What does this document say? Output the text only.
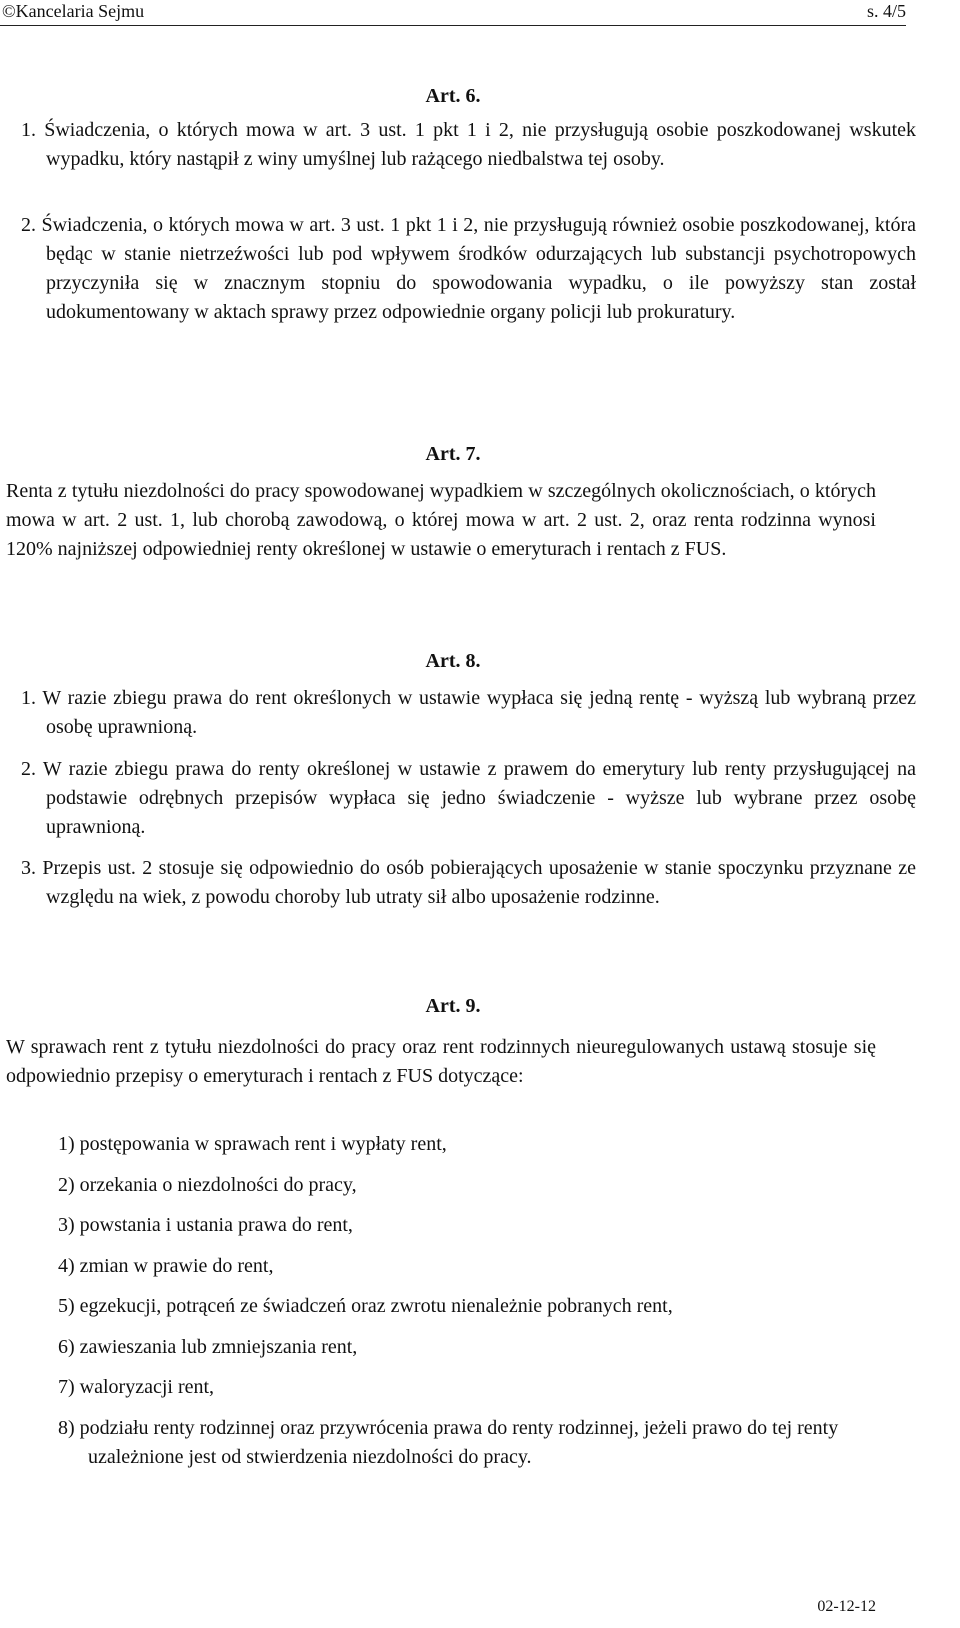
©Kancelaria Sejmu	s. 4/5
Art. 6.
1. Świadczenia, o których mowa w art. 3 ust. 1 pkt 1 i 2, nie przysługują osobie poszkodowanej wskutek wypadku, który nastąpił z winy umyślnej lub rażącego niedbalstwa tej osoby.
2. Świadczenia, o których mowa w art. 3 ust. 1 pkt 1 i 2, nie przysługują również osobie poszkodowanej, która będąc w stanie nietrzeźwości lub pod wpływem środków odurzających lub substancji psychotropowych przyczyniła się w znacznym stopniu do spowodowania wypadku, o ile powyższy stan został udokumentowany w aktach sprawy przez odpowiednie organy policji lub prokuratury.
Art. 7.
Renta z tytułu niezdolności do pracy spowodowanej wypadkiem w szczególnych okolicznościach, o których mowa w art. 2 ust. 1, lub chorobą zawodową, o której mowa w art. 2 ust. 2, oraz renta rodzinna wynosi 120% najniższej odpowiedniej renty określonej w ustawie o emeryturach i rentach z FUS.
Art. 8.
1. W razie zbiegu prawa do rent określonych w ustawie wypłaca się jedną rentę - wyższą lub wybraną przez osobę uprawnioną.
2. W razie zbiegu prawa do renty określonej w ustawie z prawem do emerytury lub renty przysługującej na podstawie odrębnych przepisów wypłaca się jedno świadczenie - wyższe lub wybrane przez osobę uprawnioną.
3. Przepis ust. 2 stosuje się odpowiednio do osób pobierających uposażenie w stanie spoczynku przyznane ze względu na wiek, z powodu choroby lub utraty sił albo uposażenie rodzinne.
Art. 9.
W sprawach rent z tytułu niezdolności do pracy oraz rent rodzinnych nieuregulowanych ustawą stosuje się odpowiednio przepisy o emeryturach i rentach z FUS dotyczące:
1) postępowania w sprawach rent i wypłaty rent,
2) orzekania o niezdolności do pracy,
3) powstania i ustania prawa do rent,
4) zmian w prawie do rent,
5) egzekucji, potrąceń ze świadczeń oraz zwrotu nienależnie pobranych rent,
6) zawieszania lub zmniejszania rent,
7) waloryzacji rent,
8) podziału renty rodzinnej oraz przywrócenia prawa do renty rodzinnej, jeżeli prawo do tej renty uzależnione jest od stwierdzenia niezdolności do pracy.
02-12-12
